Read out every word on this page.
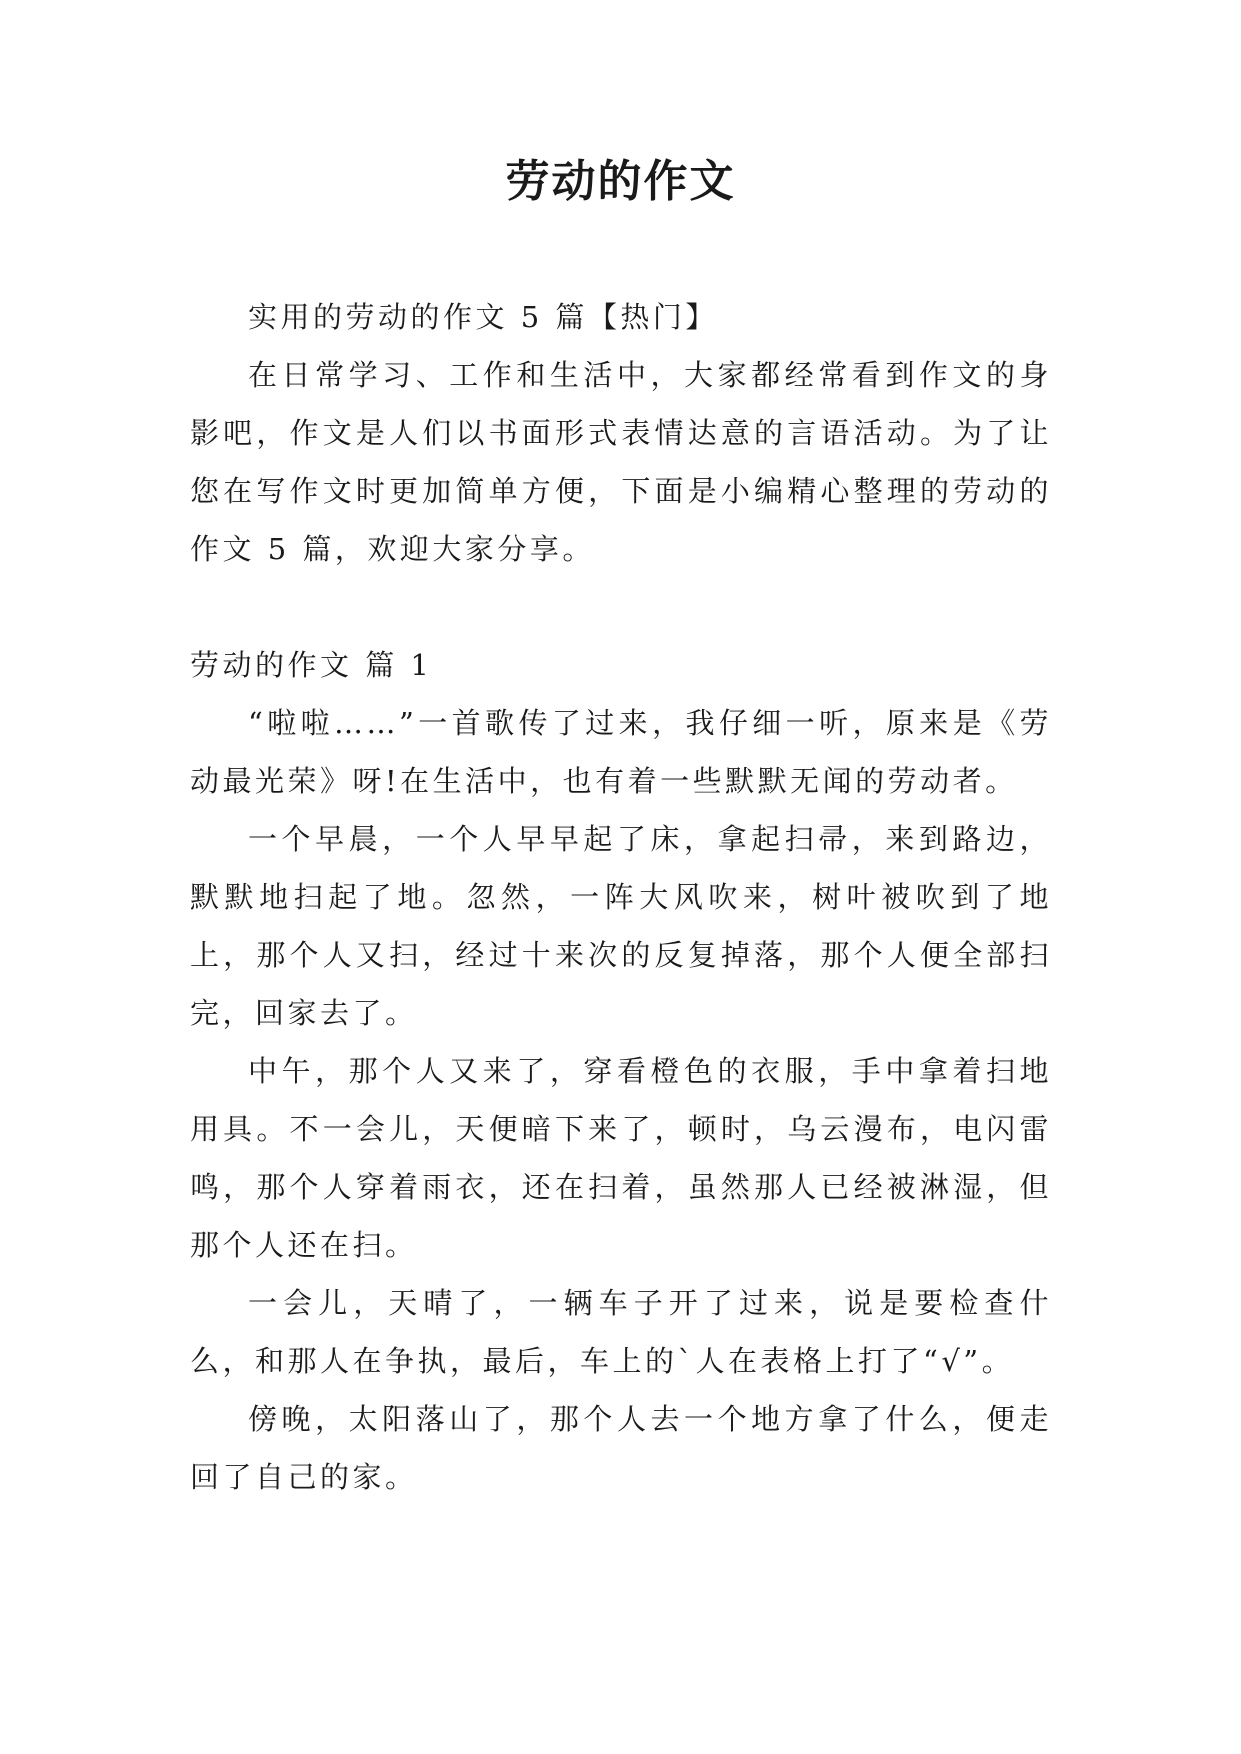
劳动的作文

实用的劳动的作文 5 篇【热门】

在日常学习、工作和生活中，大家都经常看到作文的身影吧，作文是人们以书面形式表情达意的言语活动。为了让您在写作文时更加简单方便，下面是小编精心整理的劳动的作文 5 篇，欢迎大家分享。

劳动的作文 篇 1

“啦啦……”一首歌传了过来，我仔细一听，原来是《劳动最光荣》呀!在生活中，也有着一些默默无闻的劳动者。

一个早晨，一个人早早起了床，拿起扫帚，来到路边，默默地扫起了地。忽然，一阵大风吹来，树叶被吹到了地上，那个人又扫，经过十来次的反复掉落，那个人便全部扫完，回家去了。

中午，那个人又来了，穿看橙色的衣服，手中拿着扫地用具。不一会儿，天便暗下来了，顿时，乌云漫布，电闪雷鸣，那个人穿着雨衣，还在扫着，虽然那人已经被淋湿，但那个人还在扫。

一会儿，天晴了，一辆车子开了过来，说是要检查什么，和那人在争执，最后，车上的`人在表格上打了“√”。

傍晚，太阳落山了，那个人去一个地方拿了什么，便走回了自己的家。
